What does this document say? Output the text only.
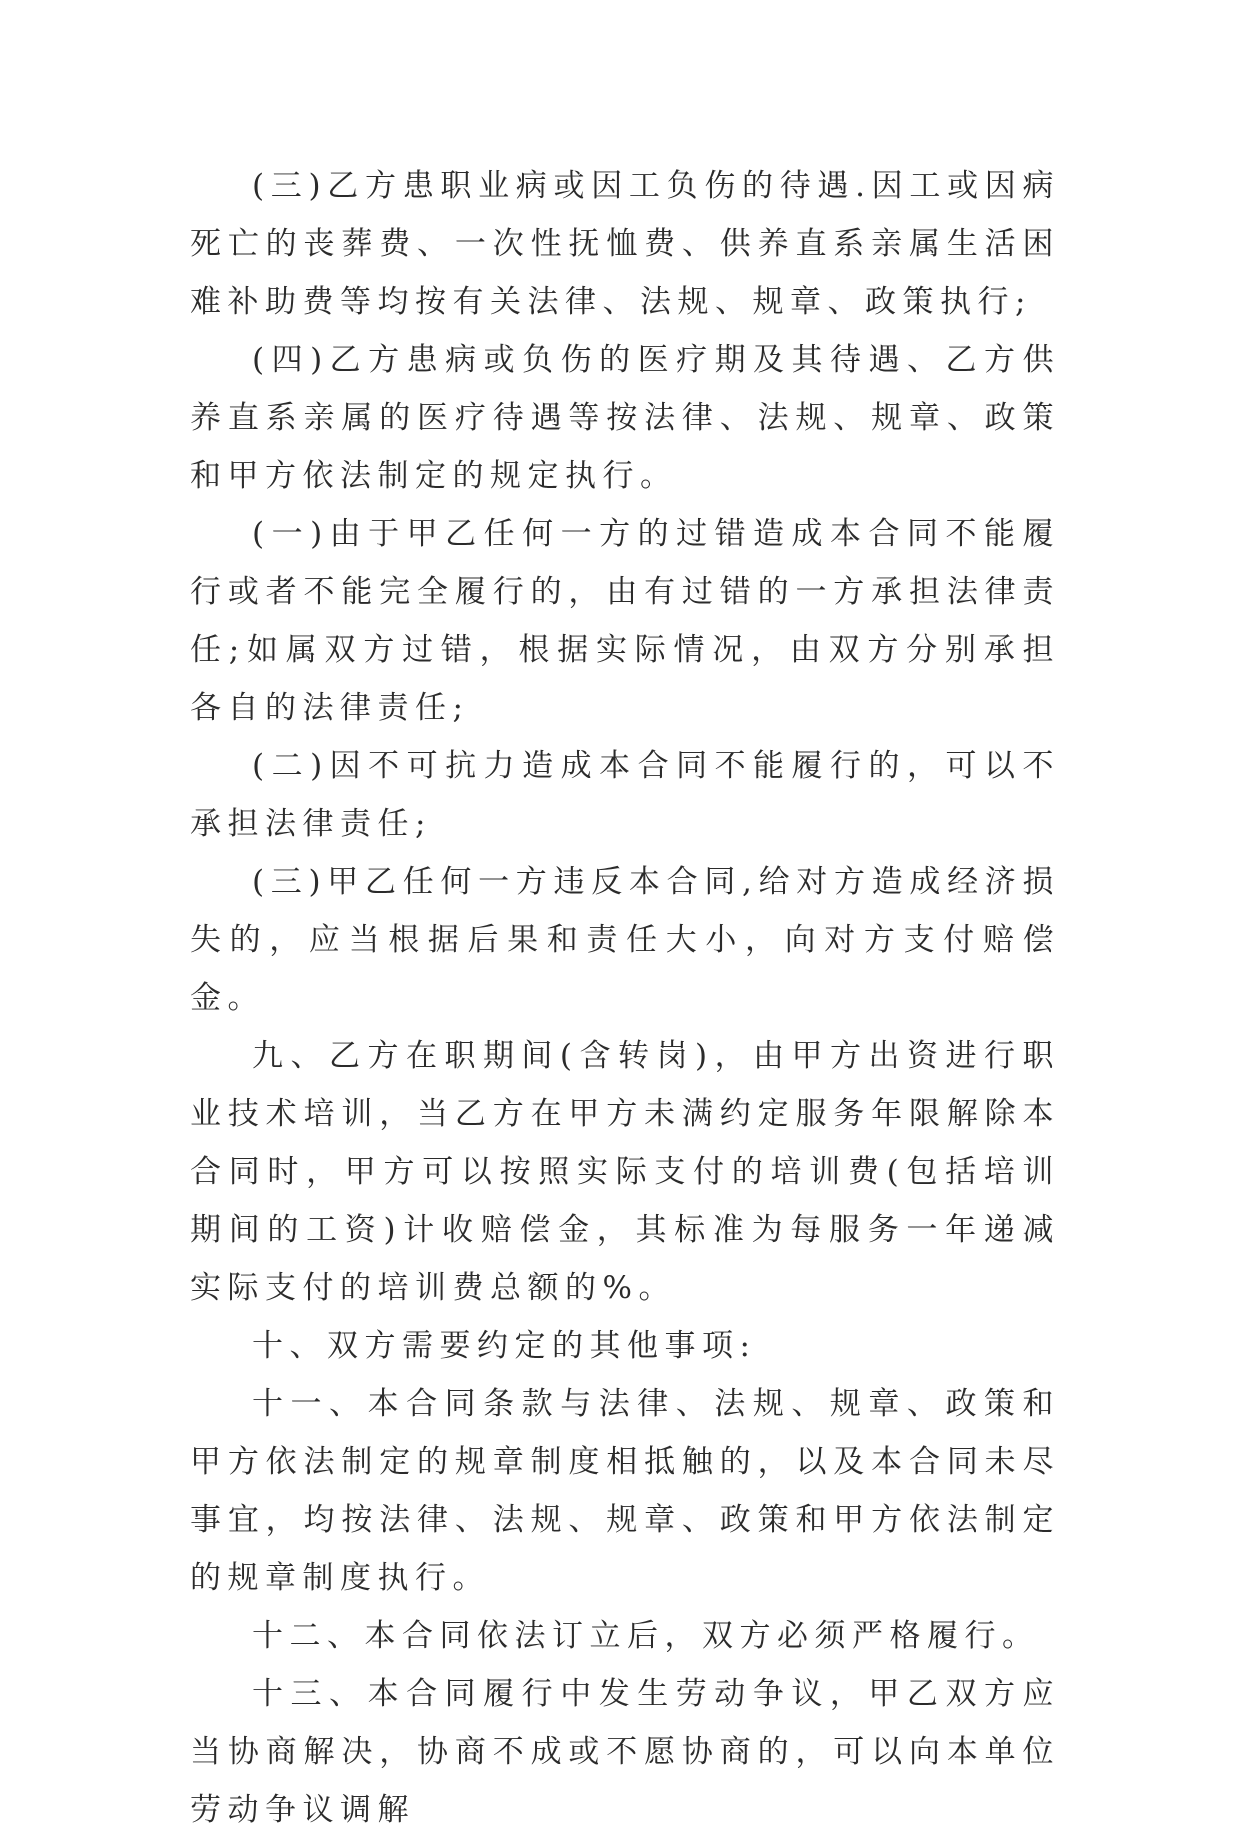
(三)乙方患职业病或因工负伤的待遇.因工或因病死亡的丧葬费、一次性抚恤费、供养直系亲属生活困难补助费等均按有关法律、法规、规章、政策执行;

(四)乙方患病或负伤的医疗期及其待遇、乙方供养直系亲属的医疗待遇等按法律、法规、规章、政策和甲方依法制定的规定执行。

(一)由于甲乙任何一方的过错造成本合同不能履行或者不能完全履行的，由有过错的一方承担法律责任;如属双方过错，根据实际情况，由双方分别承担各自的法律责任;

(二)因不可抗力造成本合同不能履行的，可以不承担法律责任;

(三)甲乙任何一方违反本合同,给对方造成经济损失的，应当根据后果和责任大小，向对方支付赔偿金。

九、乙方在职期间(含转岗)，由甲方出资进行职业技术培训，当乙方在甲方未满约定服务年限解除本合同时，甲方可以按照实际支付的培训费(包括培训期间的工资)计收赔偿金，其标准为每服务一年递减实际支付的培训费总额的%。

十、双方需要约定的其他事项:

十一、本合同条款与法律、法规、规章、政策和甲方依法制定的规章制度相抵触的，以及本合同未尽事宜，均按法律、法规、规章、政策和甲方依法制定的规章制度执行。

十二、本合同依法订立后，双方必须严格履行。

十三、本合同履行中发生劳动争议，甲乙双方应当协商解决，协商不成或不愿协商的，可以向本单位劳动争议调解
